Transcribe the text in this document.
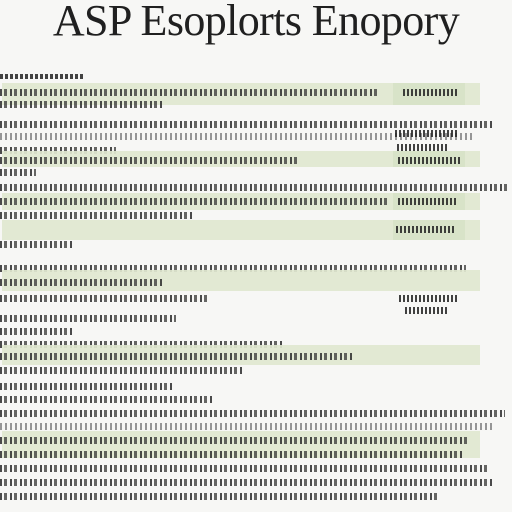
ASP Esoplorts Enopory
